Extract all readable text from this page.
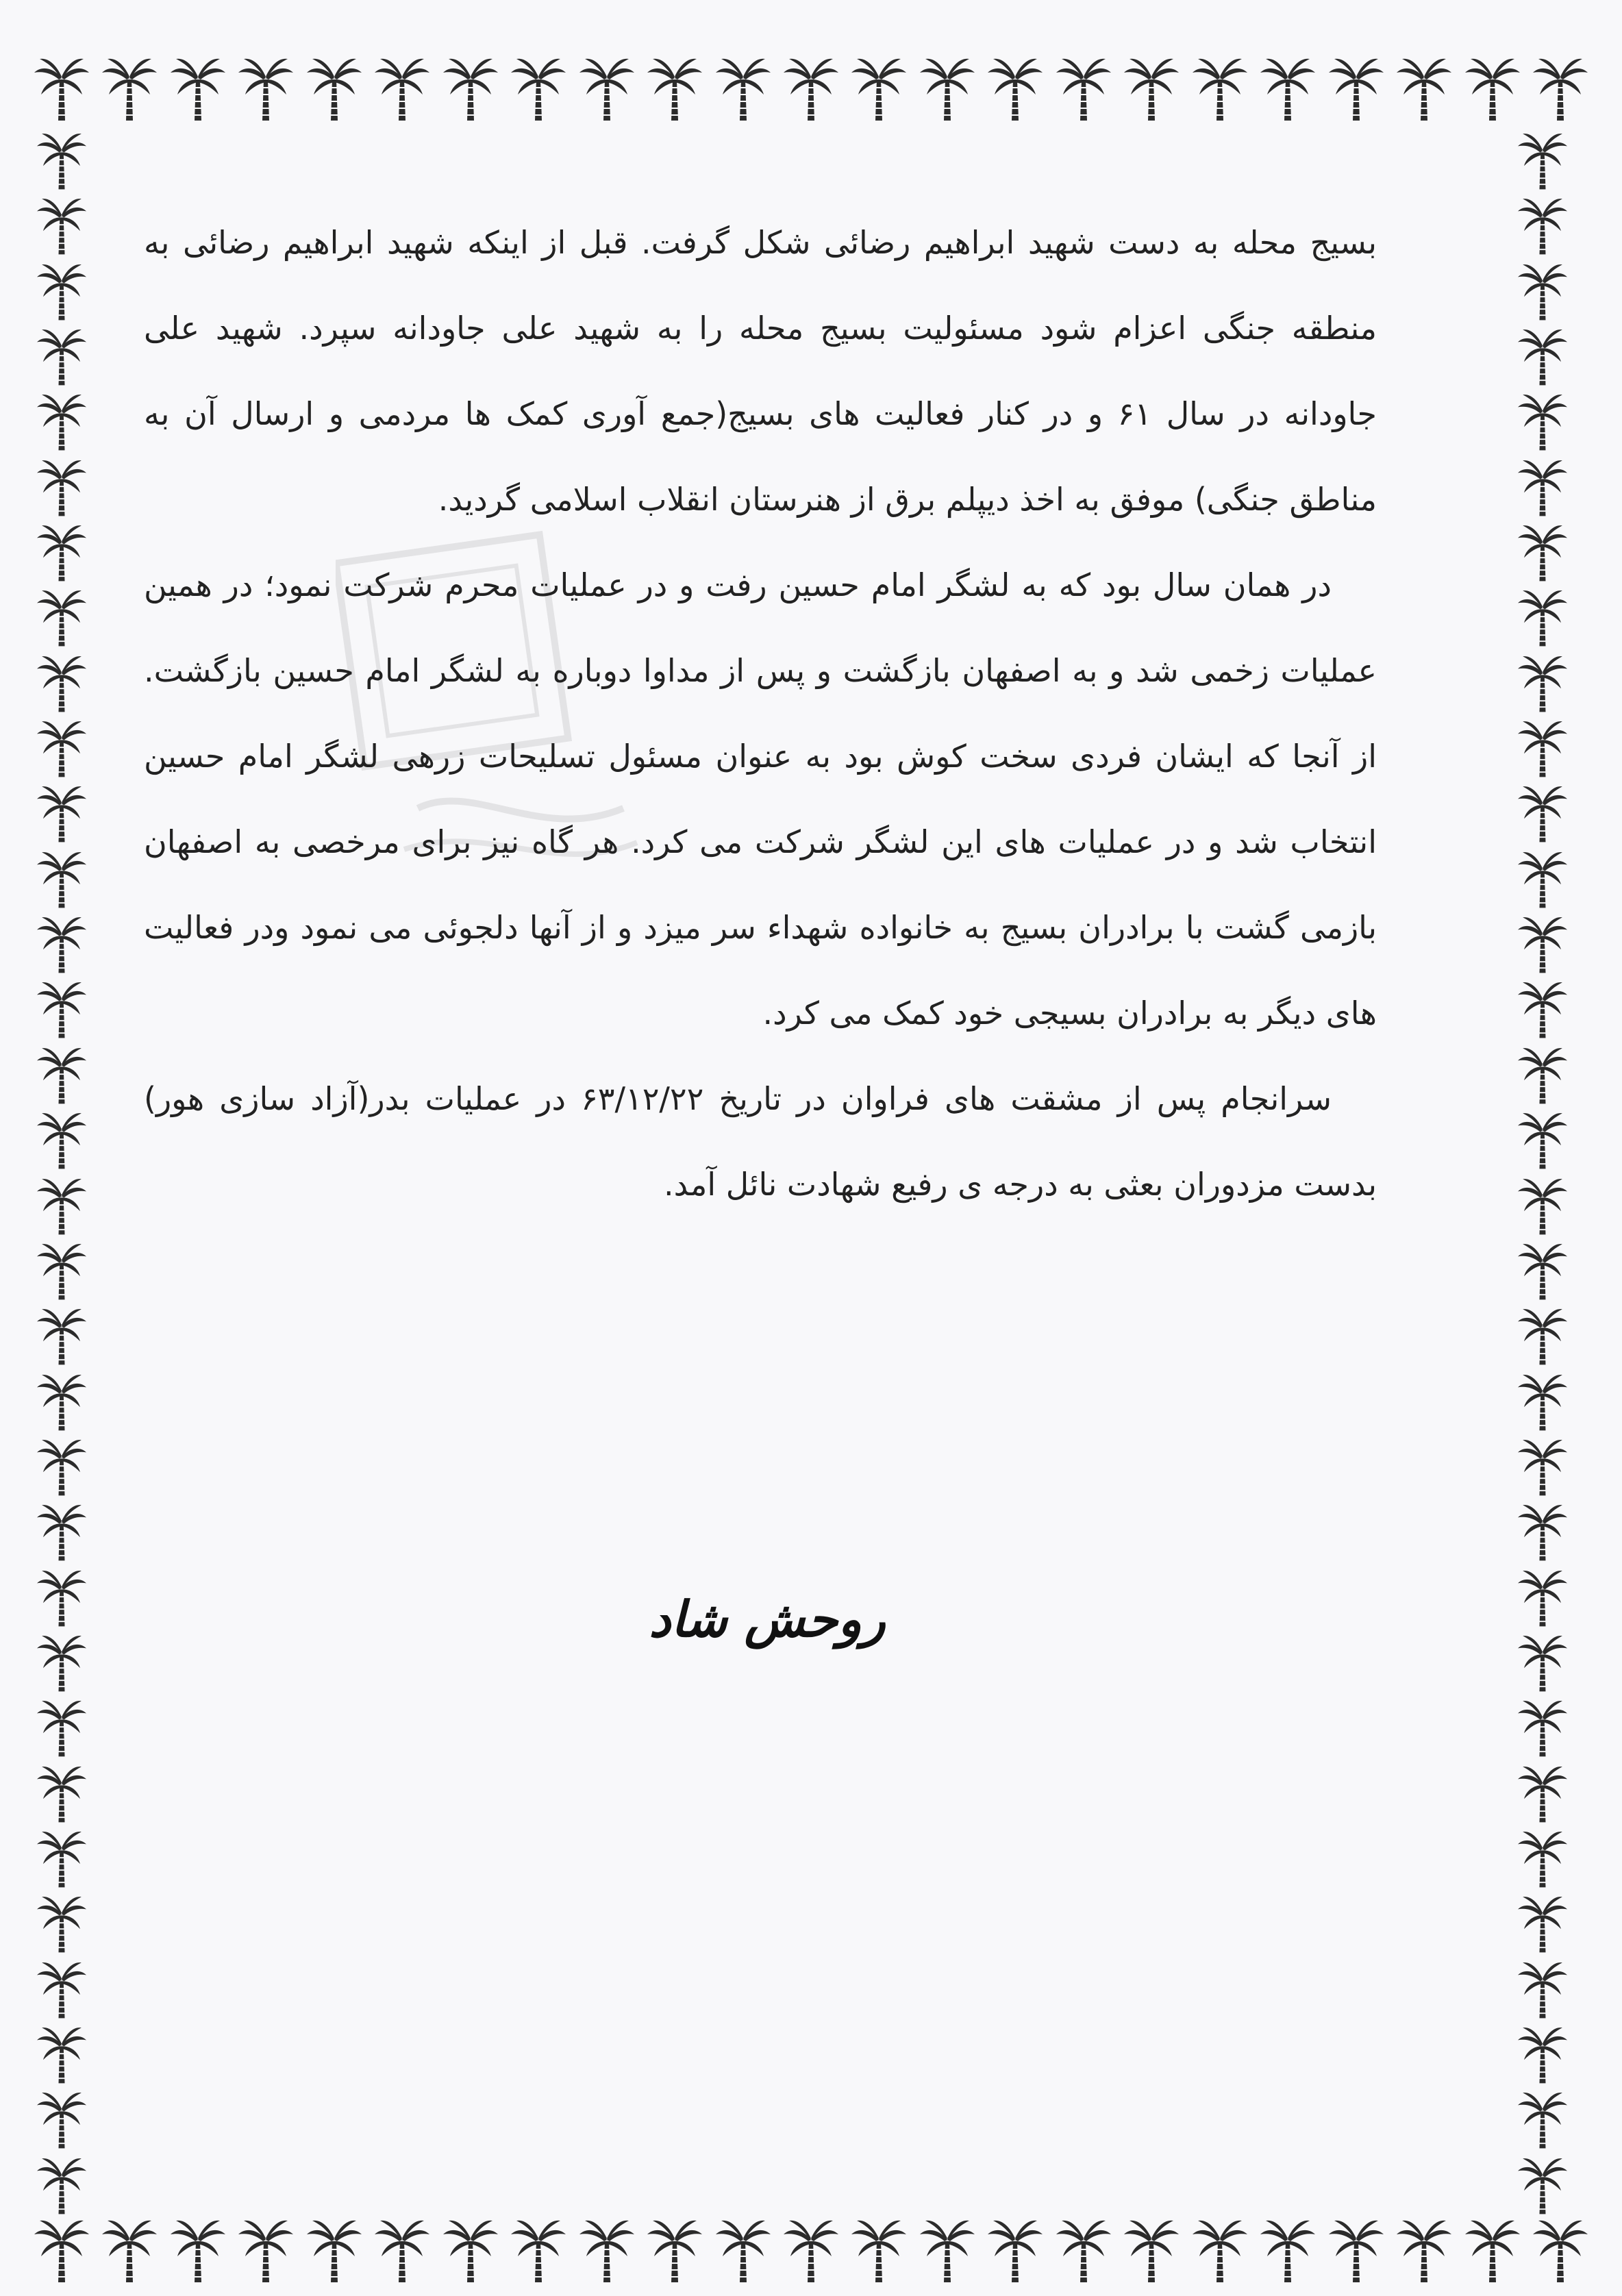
بسیج محله به دست شهید ابراهیم رضائی شکل گرفت. قبل از اینکه شهید ابراهیم رضائی به منطقه جنگی اعزام شود مسئولیت بسیج محله را به شهید علی جاودانه سپرد. شهید علی جاودانه در سال ۶۱ و در کنار فعالیت های بسیج(جمع آوری کمک ها مردمی و ارسال آن به مناطق جنگی) موفق به اخذ دیپلم برق از هنرستان انقلاب اسلامی گردید.

در همان سال بود که به لشگر امام حسین رفت و در عملیات محرم شرکت نمود؛ در همین عملیات زخمی شد و به اصفهان بازگشت و پس از مداوا دوباره به لشگر امام حسین بازگشت. از آنجا که ایشان فردی سخت کوش بود به عنوان مسئول تسلیحات زرهی لشگر امام حسین انتخاب شد و در عملیات های این لشگر شرکت می کرد. هر گاه نیز برای مرخصی به اصفهان بازمی گشت با برادران بسیج به خانواده شهداء سر میزد و از آنها دلجوئی می نمود ودر فعالیت های دیگر به برادران بسیجی خود کمک می کرد.

سرانجام پس از مشقت های فراوان در تاریخ ۶۳/۱۲/۲۲ در عملیات بدر(آزاد سازی هور) بدست مزدوران بعثی به درجه ی رفیع شهادت نائل آمد.

روحش شاد
